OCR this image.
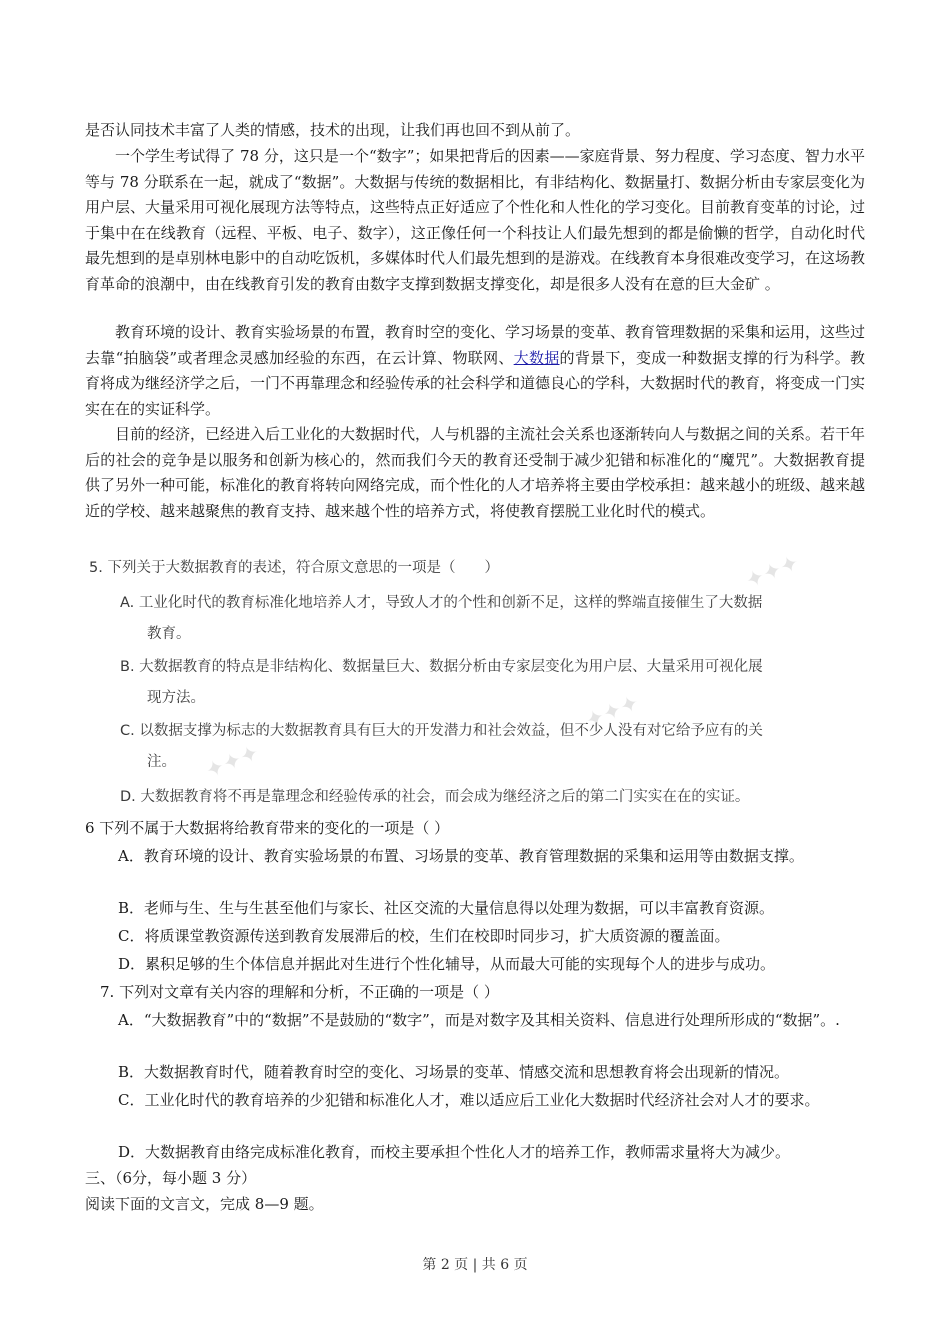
是否认同技术丰富了人类的情感，技术的出现，让我们再也回不到从前了。

一个学生考试得了 78 分，这只是一个“数字”；如果把背后的因素——家庭背景、努力程度、学习态度、智力水平等与 78 分联系在一起，就成了“数据”。大数据与传统的数据相比，有非结构化、数据量打、数据分析由专家层变化为用户层、大量采用可视化展现方法等特点，这些特点正好适应了个性化和人性化的学习变化。目前教育变革的讨论，过于集中在在线教育（远程、平板、电子、数字），这正像任何一个科技让人们最先想到的都是偷懒的哲学，自动化时代最先想到的是卓别林电影中的自动吃饭机，多媒体时代人们最先想到的是游戏。在线教育本身很难改变学习，在这场教育革命的浪潮中，由在线教育引发的教育由数字支撑到数据支撑变化，却是很多人没有在意的巨大金矿 。

教育环境的设计、教育实验场景的布置，教育时空的变化、学习场景的变革、教育管理数据的采集和运用，这些过去靠“拍脑袋”或者理念灵感加经验的东西，在云计算、物联网、大数据的背景下，变成一种数据支撑的行为科学。教育将成为继经济学之后，一门不再靠理念和经验传承的社会科学和道德良心的学科，大数据时代的教育，将变成一门实实在在的实证科学。

目前的经济，已经进入后工业化的大数据时代，人与机器的主流社会关系也逐渐转向人与数据之间的关系。若干年后的社会的竞争是以服务和创新为核心的，然而我们今天的教育还受制于减少犯错和标准化的“魔咒”。大数据教育提供了另外一种可能，标准化的教育将转向网络完成，而个性化的人才培养将主要由学校承担：越来越小的班级、越来越近的学校、越来越聚焦的教育支持、越来越个性的培养方式，将使教育摆脱工业化时代的模式。

✦✦✦
✦✦✦
✦✦✦
5. 下列关于大数据教育的表述，符合原文意思的一项是（　　）
A. 工业化时代的教育标准化地培养人才，导致人才的个性和创新不足，这样的弊端直接催生了大数据
教育。
B. 大数据教育的特点是非结构化、数据量巨大、数据分析由专家层变化为用户层、大量采用可视化展
现方法。
C. 以数据支撑为标志的大数据教育具有巨大的开发潜力和社会效益，但不少人没有对它给予应有的关
注。
D. 大数据教育将不再是靠理念和经验传承的社会，而会成为继经济之后的第二门实实在在的实证。

6 下列不属于大数据将给教育带来的变化的一项是（ ）

A．教育环境的设计、教育实验场景的布置、习场景的变革、教育管理数据的采集和运用等由数据支撑。
B．老师与生、生与生甚至他们与家长、社区交流的大量信息得以处理为数据，可以丰富教育资源。
C．将质课堂教资源传送到教育发展滞后的校，生们在校即时同步习，扩大质资源的覆盖面。
D．累积足够的生个体信息并据此对生进行个性化辅导，从而最大可能的实现每个人的进步与成功。

7. 下列对文章有关内容的理解和分析，不正确的一项是（ ）

A．“大数据教育”中的“数据”不是鼓励的“数字”，而是对数字及其相关资料、信息进行处理所形成的“数据”。.
B．大数据教育时代，随着教育时空的变化、习场景的变革、情感交流和思想教育将会出现新的情况。
C．工业化时代的教育培养的少犯错和标准化人才，难以适应后工业化大数据时代经济社会对人才的要求。
D．大数据教育由络完成标准化教育，而校主要承担个性化人才的培养工作，教师需求量将大为减少。

三、（6分，每小题 3 分）

阅读下面的文言文，完成 8—9 题。

第 2 页 | 共 6 页
